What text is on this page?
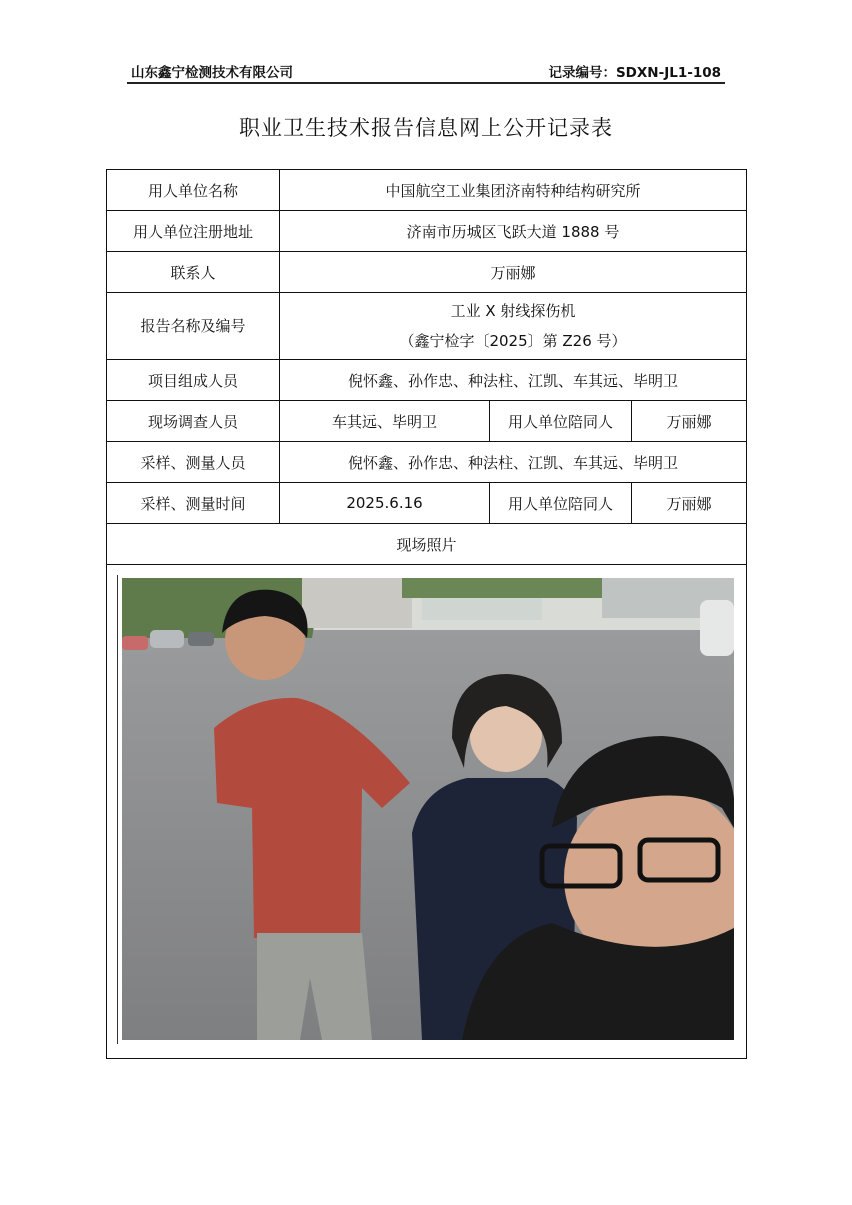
山东鑫宁检测技术有限公司	记录编号：SDXN-JL1-108
职业卫生技术报告信息网上公开记录表
用人单位名称	中国航空工业集团济南特种结构研究所		
用人单位注册地址	济南市历城区飞跃大道 1888 号		
联系人	万丽娜		
报告名称及编号	工业 X 射线探伤机
（鑫宁检字〔2025〕第 Z26 号）		

项目组成人员	倪怀鑫、孙作忠、种法柱、江凯、车其远、毕明卫		
现场调查人员	车其远、毕明卫	用人单位陪同人	万丽娜
采样、测量人员	倪怀鑫、孙作忠、种法柱、江凯、车其远、毕明卫		
采样、测量时间	2025.6.16	用人单位陪同人	万丽娜
现场照片			
